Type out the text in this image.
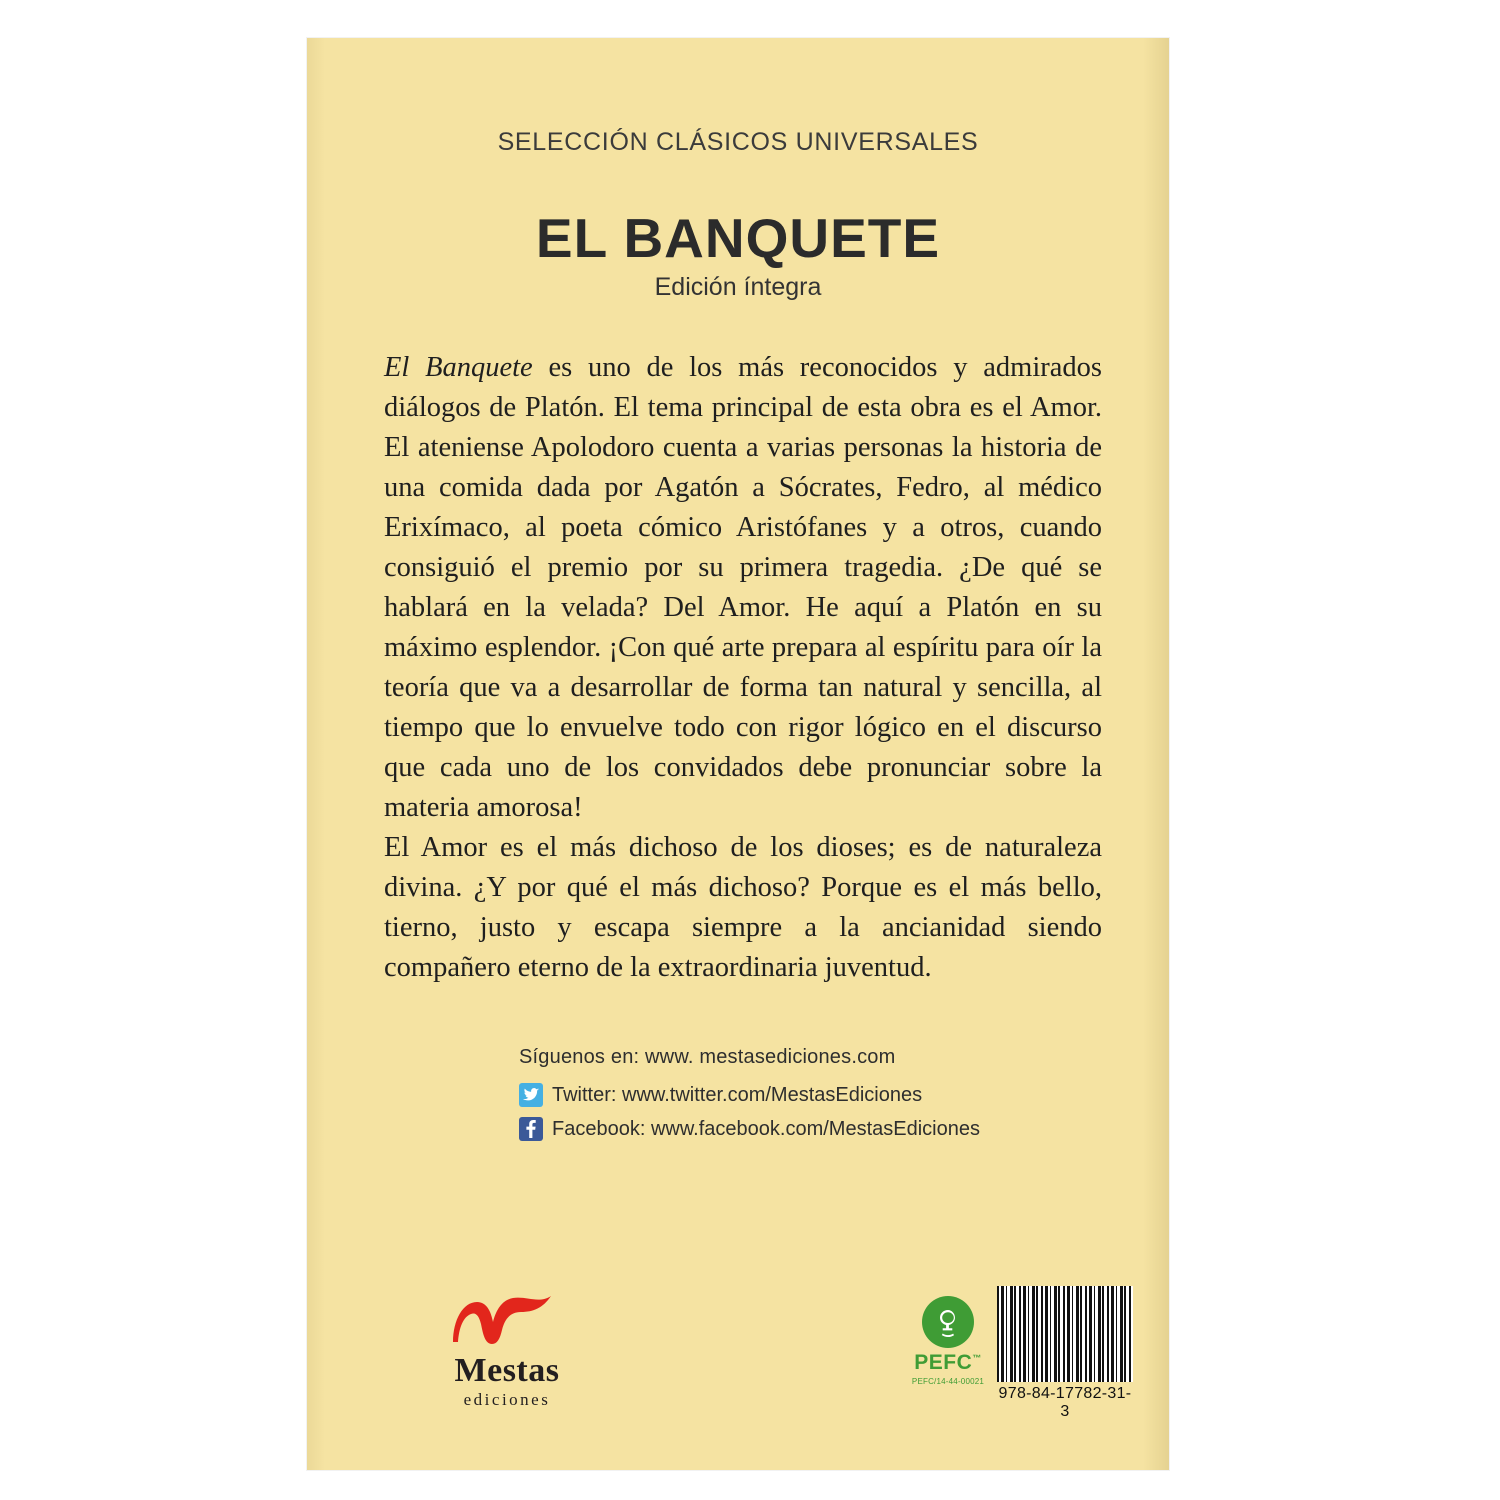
SELECCIÓN CLÁSICOS UNIVERSALES
EL BANQUETE
Edición íntegra

El Banquete es uno de los más reconocidos y admirados diálogos de Platón. El tema principal de esta obra es el Amor. El ateniense Apolodoro cuenta a varias personas la historia de una comida dada por Agatón a Sócrates, Fedro, al médico Erixímaco, al poeta cómico Aristófanes y a otros, cuando consiguió el premio por su primera tragedia. ¿De qué se hablará en la velada? Del Amor. He aquí a Platón en su máximo esplendor. ¡Con qué arte prepara al espíritu para oír la teoría que va a desarrollar de forma tan natural y sencilla, al tiempo que lo envuelve todo con rigor lógico en el discurso que cada uno de los convidados debe pronunciar sobre la materia amorosa!

El Amor es el más dichoso de los dioses; es de naturaleza divina. ¿Y por qué el más dichoso? Porque es el más bello, tierno, justo y escapa siempre a la ancianidad siendo compañero eterno de la extraordinaria juventud.

Síguenos en: www. mestasediciones.com
Twitter: www.twitter.com/MestasEdiciones
Facebook: www.facebook.com/MestasEdiciones
Mestas
ediciones
PEFC™
PEFC/14-44-00021
978-84-17782-31-3
